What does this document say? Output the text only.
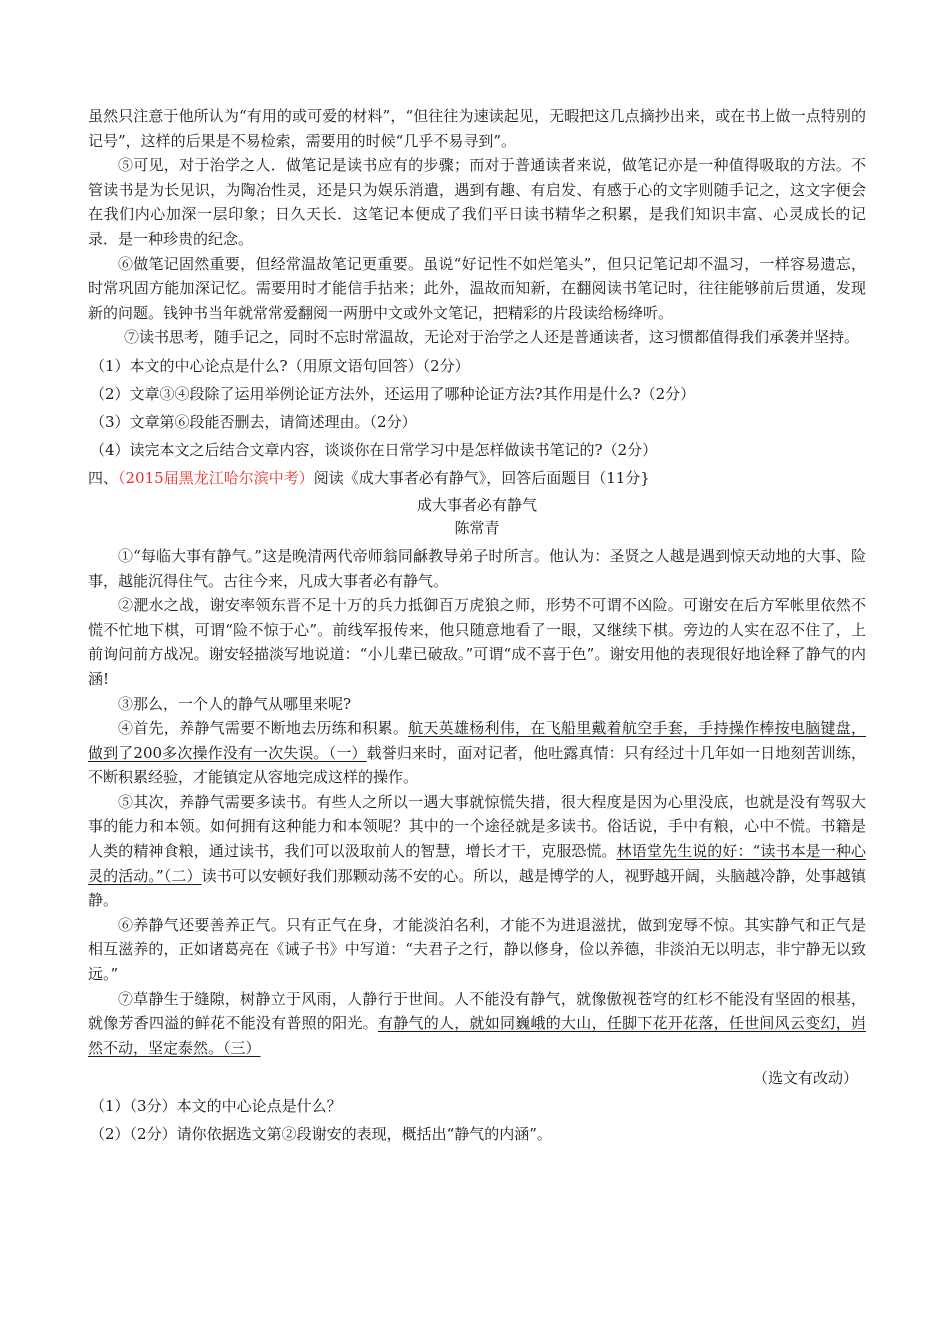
虽然只注意于他所认为“有用的或可爱的材料”，“但往往为速读起见，无暇把这几点摘抄出来，或在书上做一点特别的记号”，这样的后果是不易检索，需要用的时候“几乎不易寻到”。

⑤可见，对于治学之人．做笔记是读书应有的步骤；而对于普通读者来说，做笔记亦是一种值得吸取的方法。不管读书是为长见识，为陶冶性灵，还是只为娱乐消遣，遇到有趣、有启发、有感于心的文字则随手记之，这文字便会在我们内心加深一层印象；日久天长．这笔记本便成了我们平日读书精华之积累，是我们知识丰富、心灵成长的记录．是一种珍贵的纪念。

⑥做笔记固然重要，但经常温故笔记更重要。虽说“好记性不如烂笔头”，但只记笔记却不温习，一样容易遗忘，时常巩固方能加深记忆。需要用时才能信手拈来；此外，温故而知新，在翻阅读书笔记时，往往能够前后贯通，发现新的问题。钱钟书当年就常常爱翻阅一两册中文或外文笔记，把精彩的片段读给杨绛听。

⑦读书思考，随手记之，同时不忘时常温故，无论对于治学之人还是普通读者，这习惯都值得我们承袭并坚持。

（1）本文的中心论点是什么?（用原文语句回答）（2分）

（2）文章③④段除了运用举例论证方法外，还运用了哪种论证方法?其作用是什么?（2分）

（3）文章第⑥段能否删去，请简述理由。（2分）

（4）读完本文之后结合文章内容，谈谈你在日常学习中是怎样做读书笔记的?（2分）

四、（2015届黑龙江哈尔滨中考）阅读《成大事者必有静气》，回答后面题目（11分}

成大事者必有静气

陈常青

①“每临大事有静气。”这是晚清两代帝师翁同龢教导弟子时所言。他认为：圣贤之人越是遇到惊天动地的大事、险事，越能沉得住气。古往今来，凡成大事者必有静气。

②淝水之战，谢安率领东晋不足十万的兵力抵御百万虎狼之师，形势不可谓不凶险。可谢安在后方军帐里依然不慌不忙地下棋，可谓“险不惊于心”。前线军报传来，他只随意地看了一眼，又继续下棋。旁边的人实在忍不住了，上前询问前方战况。谢安轻描淡写地说道：“小儿辈已破敌。”可谓“成不喜于色”。谢安用他的表现很好地诠释了静气的内涵!

③那么，一个人的静气从哪里来呢?

④首先，养静气需要不断地去历练和积累。航天英雄杨利伟，在飞船里戴着航空手套，手持操作棒按电脑键盘，做到了200多次操作没有一次失误。（一）载誉归来时，面对记者，他吐露真情：只有经过十几年如一日地刻苦训练，不断积累经验，才能镇定从容地完成这样的操作。

⑤其次，养静气需要多读书。有些人之所以一遇大事就惊慌失措，很大程度是因为心里没底，也就是没有驾驭大事的能力和本领。如何拥有这种能力和本领呢？其中的一个途径就是多读书。俗话说，手中有粮，心中不慌。书籍是人类的精神食粮，通过读书，我们可以汲取前人的智慧，增长才干，克服恐慌。林语堂先生说的好：“读书本是一种心灵的活动。”（二）读书可以安顿好我们那颗动荡不安的心。所以，越是博学的人，视野越开阔，头脑越冷静，处事越镇静。

⑥养静气还要善养正气。只有正气在身，才能淡泊名利，才能不为进退滋扰，做到宠辱不惊。其实静气和正气是相互滋养的，正如诸葛亮在《诫子书》中写道：“夫君子之行，静以修身，俭以养德，非淡泊无以明志，非宁静无以致远。”

⑦草静生于缝隙，树静立于风雨，人静行于世间。人不能没有静气，就像傲视苍穹的红杉不能没有坚固的根基，就像芳香四溢的鲜花不能没有普照的阳光。有静气的人，就如同巍峨的大山，任脚下花开花落，任世间风云变幻，岿然不动，坚定泰然。（三）

（选文有改动）

（1）（3分）本文的中心论点是什么？

（2）（2分）请你依据选文第②段谢安的表现，概括出“静气的内涵”。
